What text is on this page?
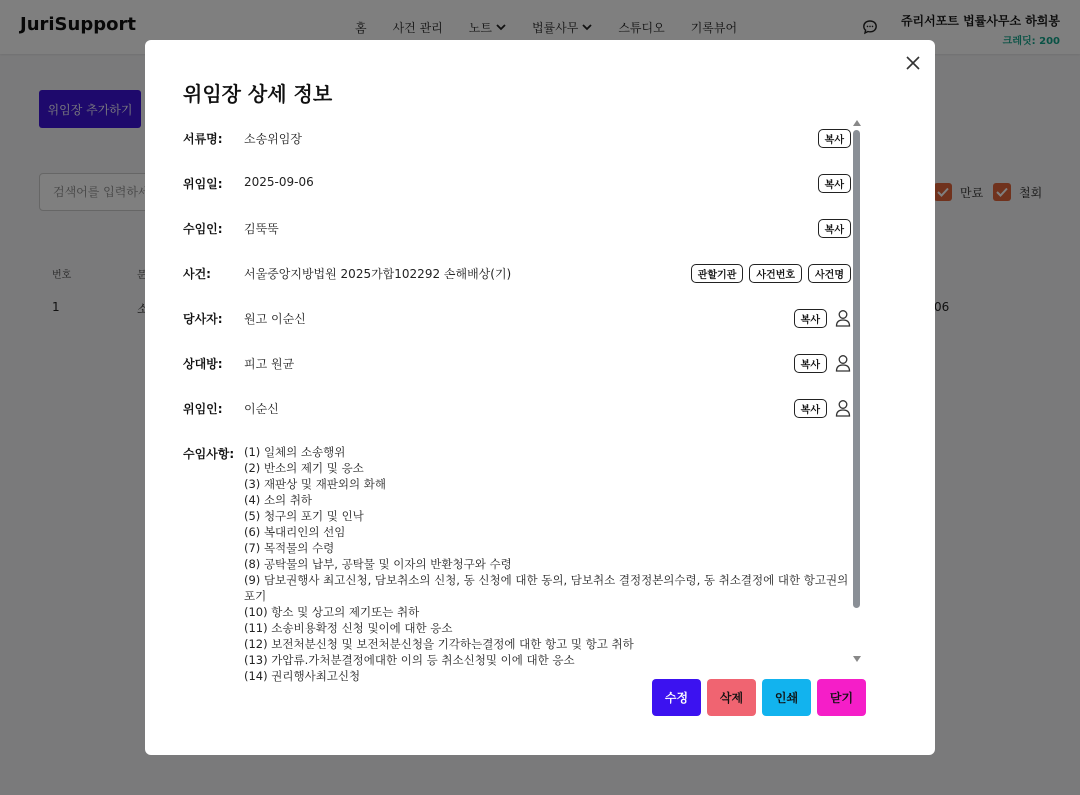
위임장 상세 정보
서류명: 소송위임장	복사
위임일: 2025-09-06	복사
수임인: 김뚝뚝	복사
사건:	서울중앙지방법원 2025가합102292 손해배상(기)	관할기관	사건번호	사건명
당사자: 원고 이순신	복사
상대방: 피고 원균	복사
위임인: 이순신	복사
수임사항: (1) 일체의 소송행위
(2) 반소의 제기 및 응소
(3) 재판상 및 재판외의 화해
(4) 소의 취하
(5) 청구의 포기 및 인낙
(6) 복대리인의 선임
(7) 목적물의 수령
(8) 공탁물의 납부, 공탁물 및 이자의 반환청구와 수령
(9) 담보권행사 최고신청, 담보취소의 신청, 동 신청에 대한 동의, 담보취소 결정정본의수령, 동 취소결정에 대한 항고권의 포기
(10) 항소 및 상고의 제기또는 취하
(11) 소송비용확정 신청 및이에 대한 응소
(12) 보전처분신청 및 보전처분신청을 기각하는결정에 대한 항고 및 항고 취하
(13) 가압류.가처분결정에대한 이의 등 취소신청및 이에 대한 응소
(14) 권리행사최고신청
수정	삭제	인쇄	닫기
